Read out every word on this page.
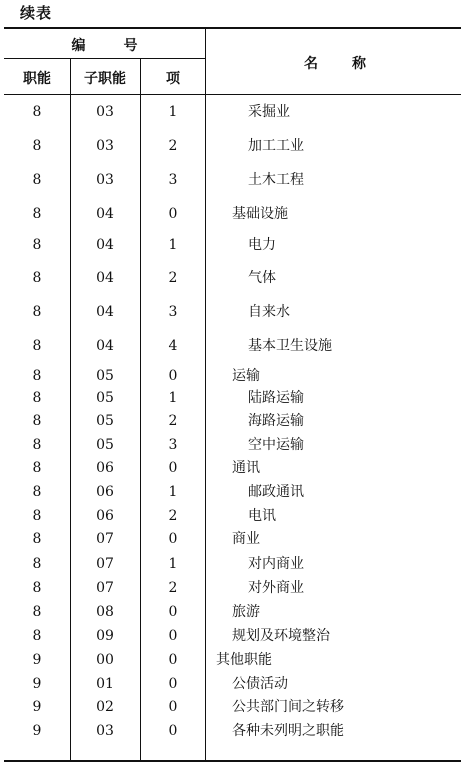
续表
编号
职能	子职能	项
名称
8	03	1	采掘业
8	03	2	加工工业
8	03	3	土木工程
8	04	0	基础设施
8	04	1	电力
8	04	2	气体
8	04	3	自来水
8	04	4	基本卫生设施
8	05	0	运输
8	05	1	陆路运输
8	05	2	海路运输
8	05	3	空中运输
8	06	0	通讯
8	06	1	邮政通讯
8	06	2	电讯
8	07	0	商业
8	07	1	对内商业
8	07	2	对外商业
8	08	0	旅游
8	09	0	规划及环境整治
9	00	0	其他职能
9	01	0	公债活动
9	02	0	公共部门间之转移
9	03	0	各种未列明之职能
